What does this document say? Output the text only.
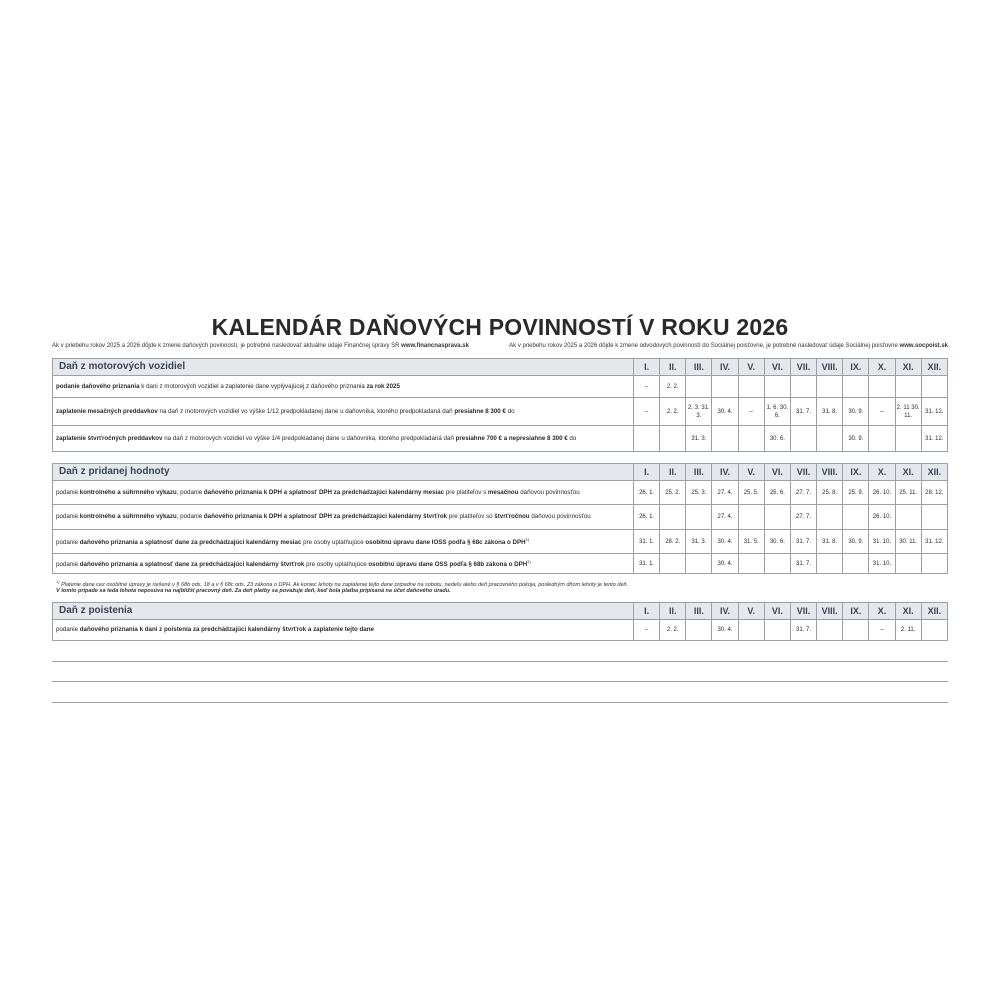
KALENDÁR DAŇOVÝCH POVINNOSTÍ V ROKU 2026
Ak v priebehu rokov 2025 a 2026 dôjde k zmene daňových povinností, je potrebné nasledovať aktuálne údaje Finančnej správy SR www.financnasprava.sk	Ak v priebehu rokov 2025 a 2026 dôjde k zmene odvodových povinností do Sociálnej poisťovne, je potrebné nasledovať údaje Sociálnej poisťovne www.socpoist.sk
Daň z motorových vozidiel	I.	II.	III.	IV.	V.	VI.	VII.	VIII.	IX.	X.	XI.	XII.
podanie daňového priznania k dani z motorových vozidiel a zaplatenie dane vyplývajúcej z daňového priznania za rok 2025	–	2. 2.										
zaplatenie mesačných preddavkov na daň z motorových vozidiel vo výške 1/12 predpokladanej dane u daňovníka, ktorého predpokladaná daň presiahne 8 300 € do	–	2. 2.	2. 3. 31. 3.	30. 4.	–	1. 6. 30. 6.	31. 7.	31. 8.	30. 9.	–	2. 11 30. 11.	31. 12.
zaplatenie štvrťročných preddavkov na daň z motorových vozidiel vo výške 1/4 predpokladanej dane u daňovníka, ktorého predpokladaná daň presiahne 700 € a nepresiahne 8 300 € do			31. 3.			30. 6.			30. 9.			31. 12.
Daň z pridanej hodnoty	I.	II.	III.	IV.	V.	VI.	VII.	VIII.	IX.	X.	XI.	XII.
podanie kontrolného a súhrnného výkazu, podanie daňového priznania k DPH a splatnosť DPH za predchádzajúci kalendárny mesiac pre platiteľov s mesačnou daňovou povinnosťou	26. 1.	25. 2.	25. 3.	27. 4.	25. 5.	25. 6.	27. 7.	25. 8.	25. 9.	26. 10.	25. 11.	28. 12.
podanie kontrolného a súhrnného výkazu, podanie daňového priznania k DPH a splatnosť DPH za predchádzajúci kalendárny štvrťrok pre platiteľov so štvrťročnou daňovou povinnosťou	26. 1.			27. 4.			27. 7.			26. 10.		
podanie daňového priznania a splatnosť dane za predchádzajúci kalendárny mesiac pre osoby uplatňujúce osobitnú úpravu dane IOSS podľa § 68c zákona o DPH$^{1)}$	31. 1.	28. 2.	31. 3.	30. 4.	31. 5.	30. 6.	31. 7.	31. 8.	30. 9.	31. 10.	30. 11.	31. 12.
podanie daňového priznania a splatnosť dane za predchádzajúci kalendárny štvrťrok pre osoby uplatňujúce osobitnú úpravu dane OSS podľa § 68b zákona o DPH$^{1)}$	31. 1.			30. 4.			31. 7.			31. 10.		
$^{1)}$ Platenie dane cez osobitné úpravy je riešené v § 68b ods. 18 a v § 68c ods. 23 zákona o DPH. Ak koniec lehoty na zaplatenie tejto dane pripadne na sobotu, nedeľu alebo deň pracovného pokoja, posledným dňom lehoty je tento deň.
V tomto prípade sa teda lehota neposúva na najbližší pracovný deň. Za deň platby sa považuje deň, keď bola platba pripísaná na účet daňového úradu.
Daň z poistenia	I.	II.	III.	IV.	V.	VI.	VII.	VIII.	IX.	X.	XI.	XII.
podanie daňového priznania k dani z poistenia za predchádzajúci kalendárny štvrťrok a zaplatenie tejto dane	–	2. 2.		30. 4.			31. 7.			–	2. 11.	
